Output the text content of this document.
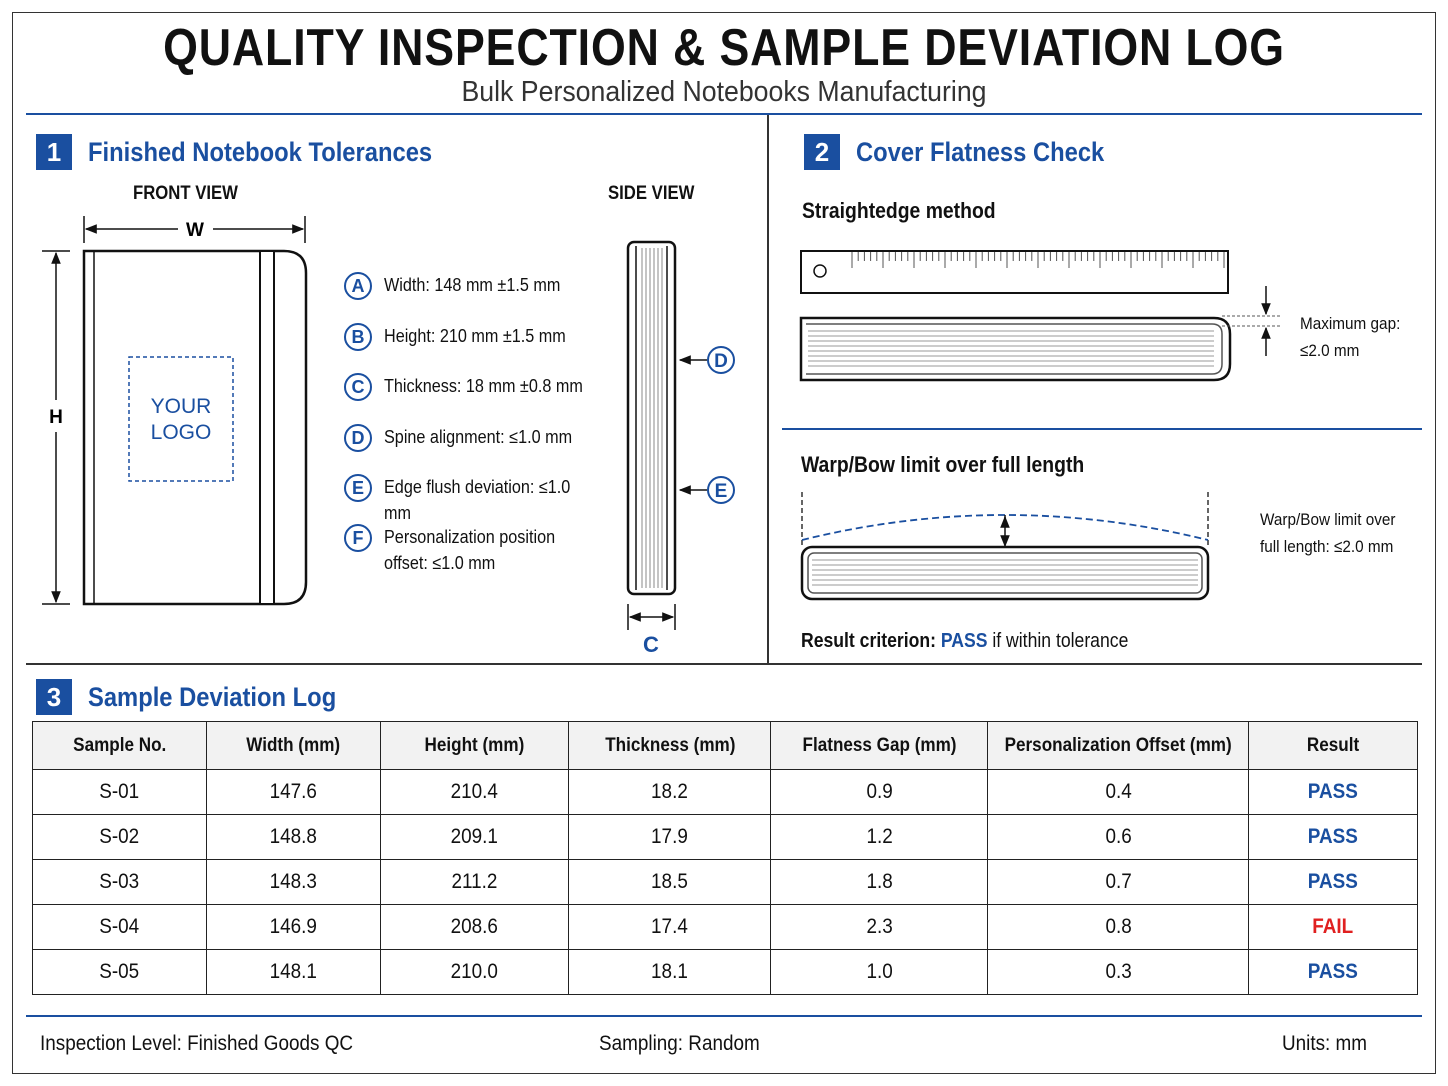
QUALITY INSPECTION & SAMPLE DEVIATION LOG
Bulk Personalized Notebooks Manufacturing
1 Finished Notebook Tolerances
FRONT VIEW	SIDE VIEW
W
H	YOUR
LOGO
D
E
C
A	Width: 148 mm ±1.5 mm
B	Height: 210 mm ±1.5 mm
C	Thickness: 18 mm ±0.8 mm
D	Spine alignment: ≤1.0 mm
E	Edge flush deviation: ≤1.0 mm
F	Personalization position
offset: ≤1.0 mm
2 Cover Flatness Check
Straightedge method
Maximum gap:
≤2.0 mm
Warp/Bow limit over full length
Warp/Bow limit over
full length: ≤2.0 mm
Result criterion: PASS if within tolerance
3 Sample Deviation Log
Sample No.	Width (mm)	Height (mm)	Thickness (mm)	Flatness Gap (mm)	Personalization Offset (mm)	Result
S-01	147.6	210.4	18.2	0.9	0.4	PASS
S-02	148.8	209.1	17.9	1.2	0.6	PASS
S-03	148.3	211.2	18.5	1.8	0.7	PASS
S-04	146.9	208.6	17.4	2.3	0.8	FAIL
S-05	148.1	210.0	18.1	1.0	0.3	PASS
Inspection Level: Finished Goods QC	Sampling: Random	Units: mm
